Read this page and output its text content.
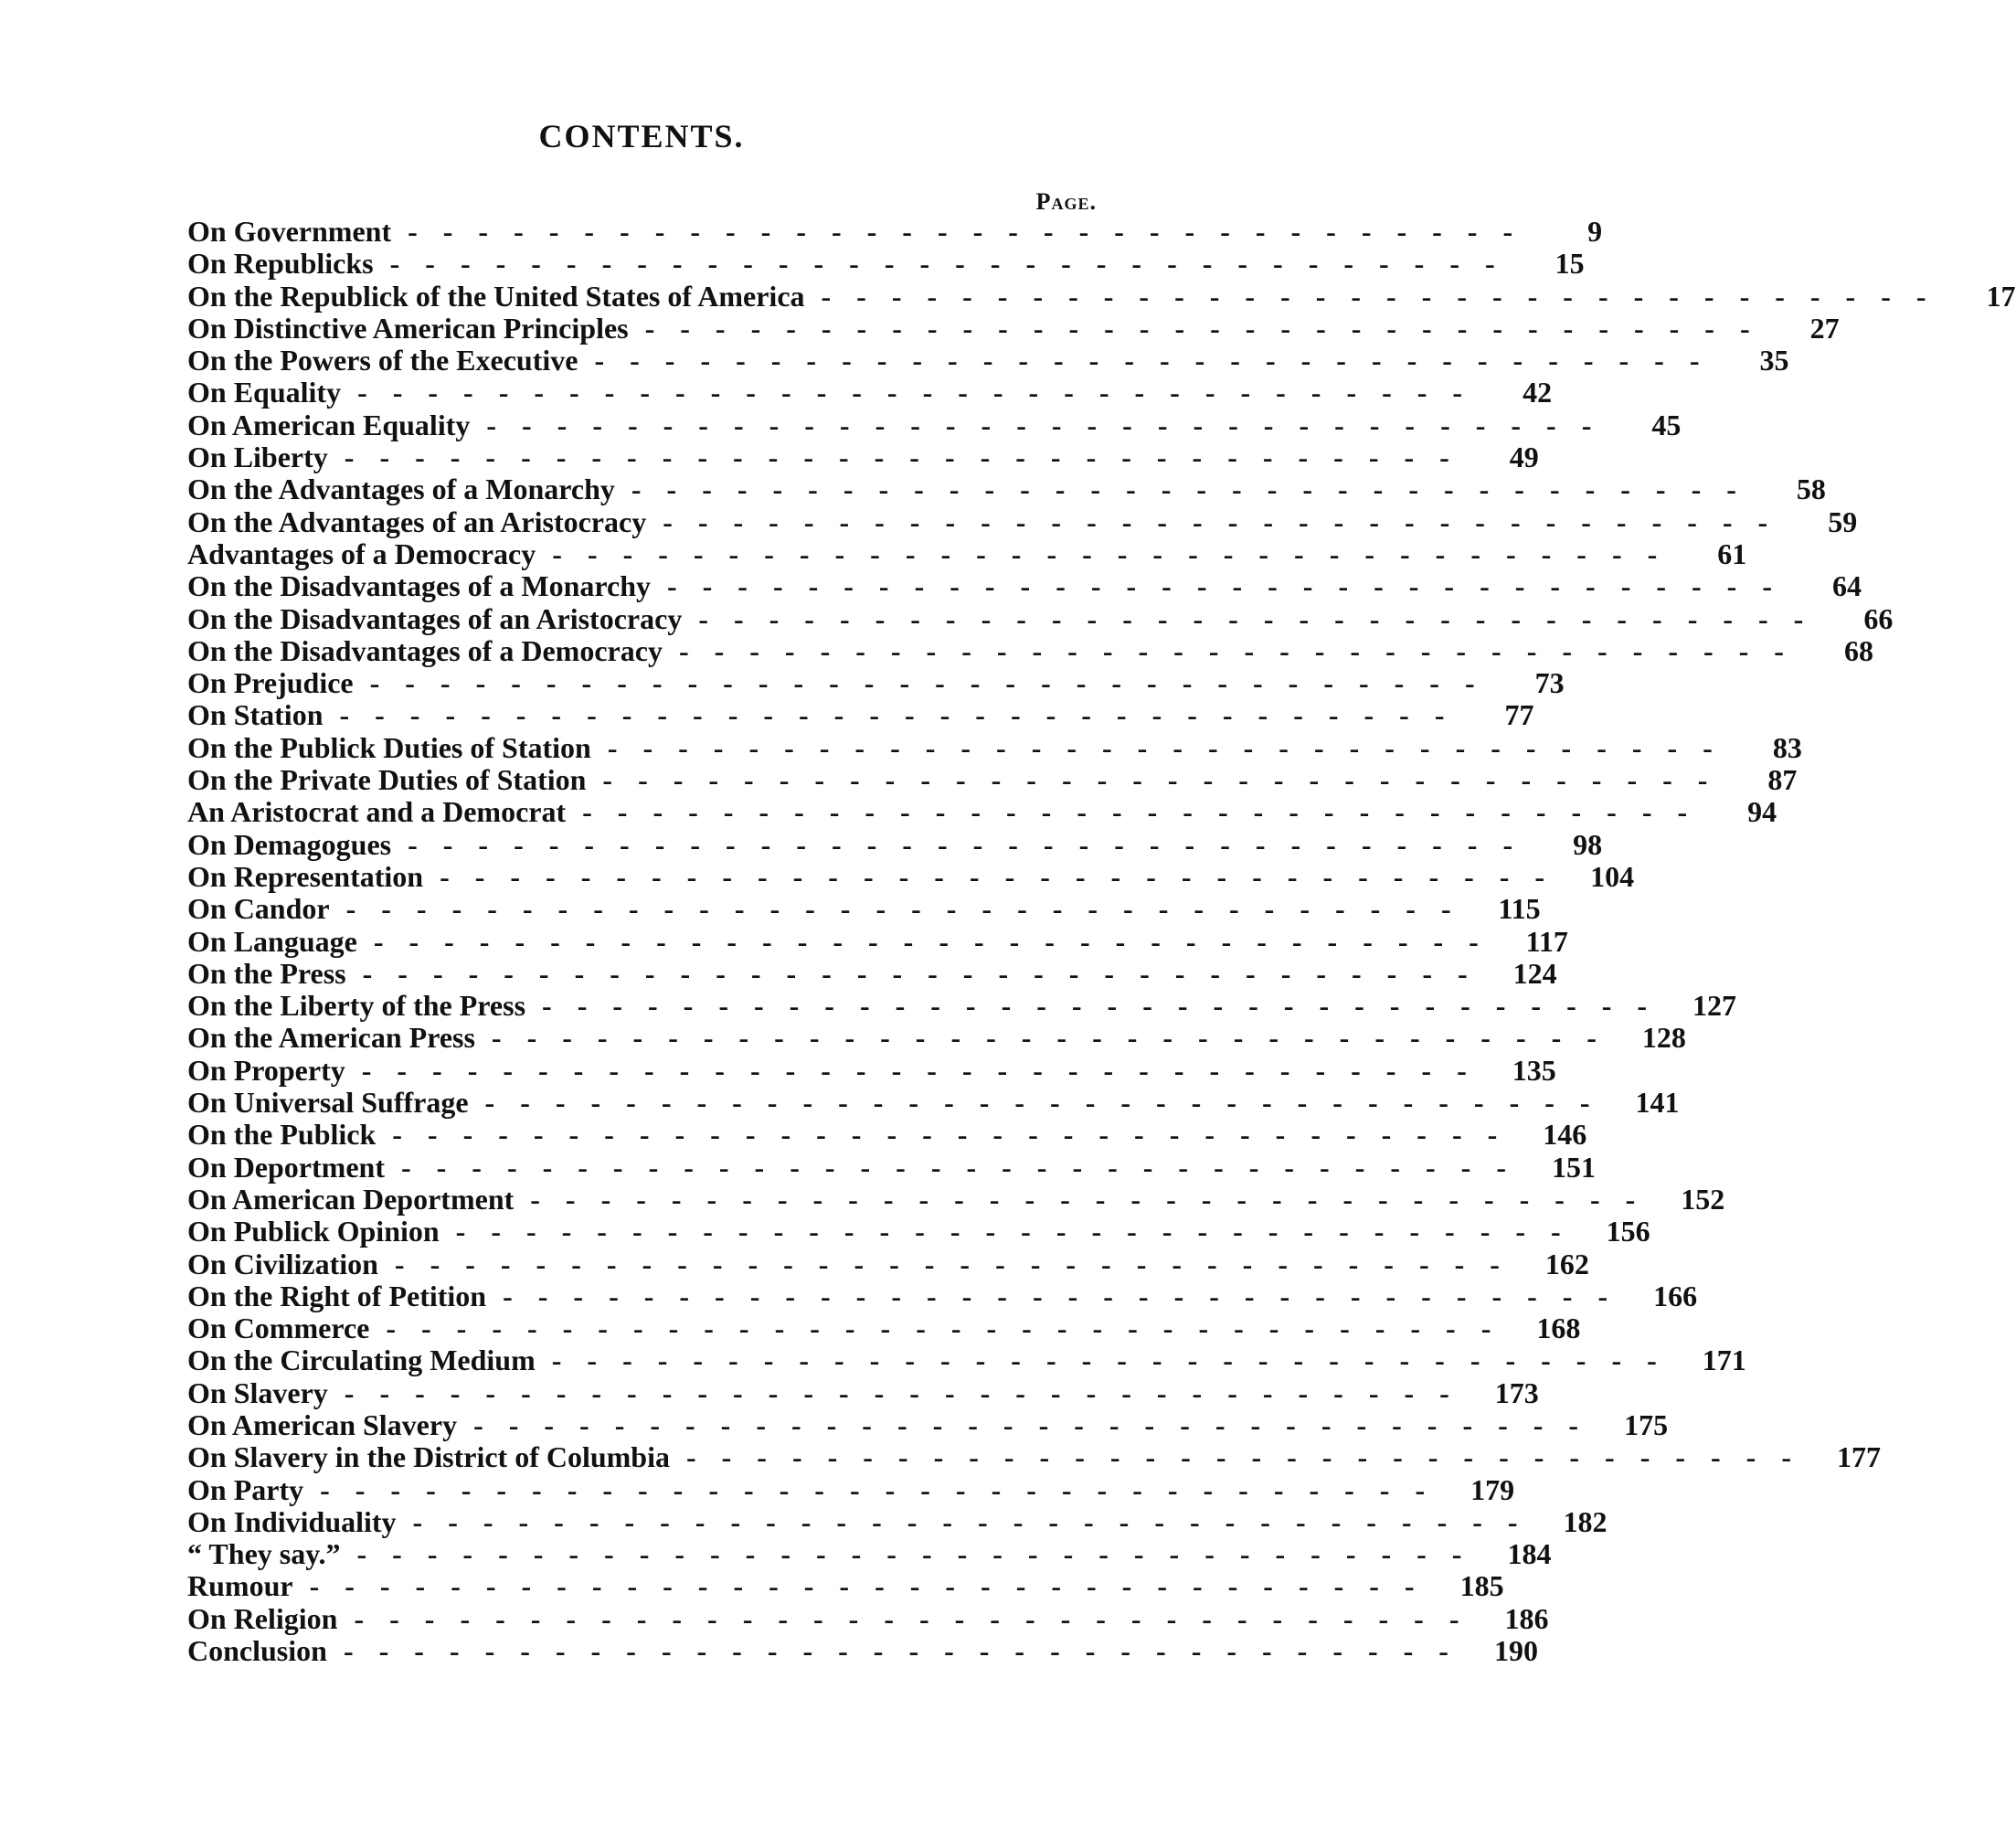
CONTENTS.
Page.
On Government - - - - - - - - - - - - - - - - - - - - - - - - - - - - - - - -	9
On Republicks - - - - - - - - - - - - - - - - - - - - - - - - - - - - - - - -	15
On the Republick of the United States of America - - - - - - - - - - - - - - - - - - - - - - - - - - - - - - - -	17
On Distinctive American Principles - - - - - - - - - - - - - - - - - - - - - - - - - - - - - - - -	27
On the Powers of the Executive - - - - - - - - - - - - - - - - - - - - - - - - - - - - - - - -	35
On Equality - - - - - - - - - - - - - - - - - - - - - - - - - - - - - - - -	42
On American Equality - - - - - - - - - - - - - - - - - - - - - - - - - - - - - - - -	45
On Liberty - - - - - - - - - - - - - - - - - - - - - - - - - - - - - - - -	49
On the Advantages of a Monarchy - - - - - - - - - - - - - - - - - - - - - - - - - - - - - - - -	58
On the Advantages of an Aristocracy - - - - - - - - - - - - - - - - - - - - - - - - - - - - - - - -	59
Advantages of a Democracy - - - - - - - - - - - - - - - - - - - - - - - - - - - - - - - -	61
On the Disadvantages of a Monarchy - - - - - - - - - - - - - - - - - - - - - - - - - - - - - - - -	64
On the Disadvantages of an Aristocracy - - - - - - - - - - - - - - - - - - - - - - - - - - - - - - - -	66
On the Disadvantages of a Democracy - - - - - - - - - - - - - - - - - - - - - - - - - - - - - - - -	68
On Prejudice - - - - - - - - - - - - - - - - - - - - - - - - - - - - - - - -	73
On Station - - - - - - - - - - - - - - - - - - - - - - - - - - - - - - - -	77
On the Publick Duties of Station - - - - - - - - - - - - - - - - - - - - - - - - - - - - - - - -	83
On the Private Duties of Station - - - - - - - - - - - - - - - - - - - - - - - - - - - - - - - -	87
An Aristocrat and a Democrat - - - - - - - - - - - - - - - - - - - - - - - - - - - - - - - -	94
On Demagogues - - - - - - - - - - - - - - - - - - - - - - - - - - - - - - - -	98
On Representation - - - - - - - - - - - - - - - - - - - - - - - - - - - - - - - -	104
On Candor - - - - - - - - - - - - - - - - - - - - - - - - - - - - - - - -	115
On Language - - - - - - - - - - - - - - - - - - - - - - - - - - - - - - - -	117
On the Press - - - - - - - - - - - - - - - - - - - - - - - - - - - - - - - -	124
On the Liberty of the Press - - - - - - - - - - - - - - - - - - - - - - - - - - - - - - - -	127
On the American Press - - - - - - - - - - - - - - - - - - - - - - - - - - - - - - - -	128
On Property - - - - - - - - - - - - - - - - - - - - - - - - - - - - - - - -	135
On Universal Suffrage - - - - - - - - - - - - - - - - - - - - - - - - - - - - - - - -	141
On the Publick - - - - - - - - - - - - - - - - - - - - - - - - - - - - - - - -	146
On Deportment - - - - - - - - - - - - - - - - - - - - - - - - - - - - - - - -	151
On American Deportment - - - - - - - - - - - - - - - - - - - - - - - - - - - - - - - -	152
On Publick Opinion - - - - - - - - - - - - - - - - - - - - - - - - - - - - - - - -	156
On Civilization - - - - - - - - - - - - - - - - - - - - - - - - - - - - - - - -	162
On the Right of Petition - - - - - - - - - - - - - - - - - - - - - - - - - - - - - - - -	166
On Commerce - - - - - - - - - - - - - - - - - - - - - - - - - - - - - - - -	168
On the Circulating Medium - - - - - - - - - - - - - - - - - - - - - - - - - - - - - - - -	171
On Slavery - - - - - - - - - - - - - - - - - - - - - - - - - - - - - - - -	173
On American Slavery - - - - - - - - - - - - - - - - - - - - - - - - - - - - - - - -	175
On Slavery in the District of Columbia - - - - - - - - - - - - - - - - - - - - - - - - - - - - - - - -	177
On Party - - - - - - - - - - - - - - - - - - - - - - - - - - - - - - - -	179
On Individuality - - - - - - - - - - - - - - - - - - - - - - - - - - - - - - - -	182
“ They say.” - - - - - - - - - - - - - - - - - - - - - - - - - - - - - - - -	184
Rumour - - - - - - - - - - - - - - - - - - - - - - - - - - - - - - - -	185
On Religion - - - - - - - - - - - - - - - - - - - - - - - - - - - - - - - -	186
Conclusion - - - - - - - - - - - - - - - - - - - - - - - - - - - - - - - -	190
